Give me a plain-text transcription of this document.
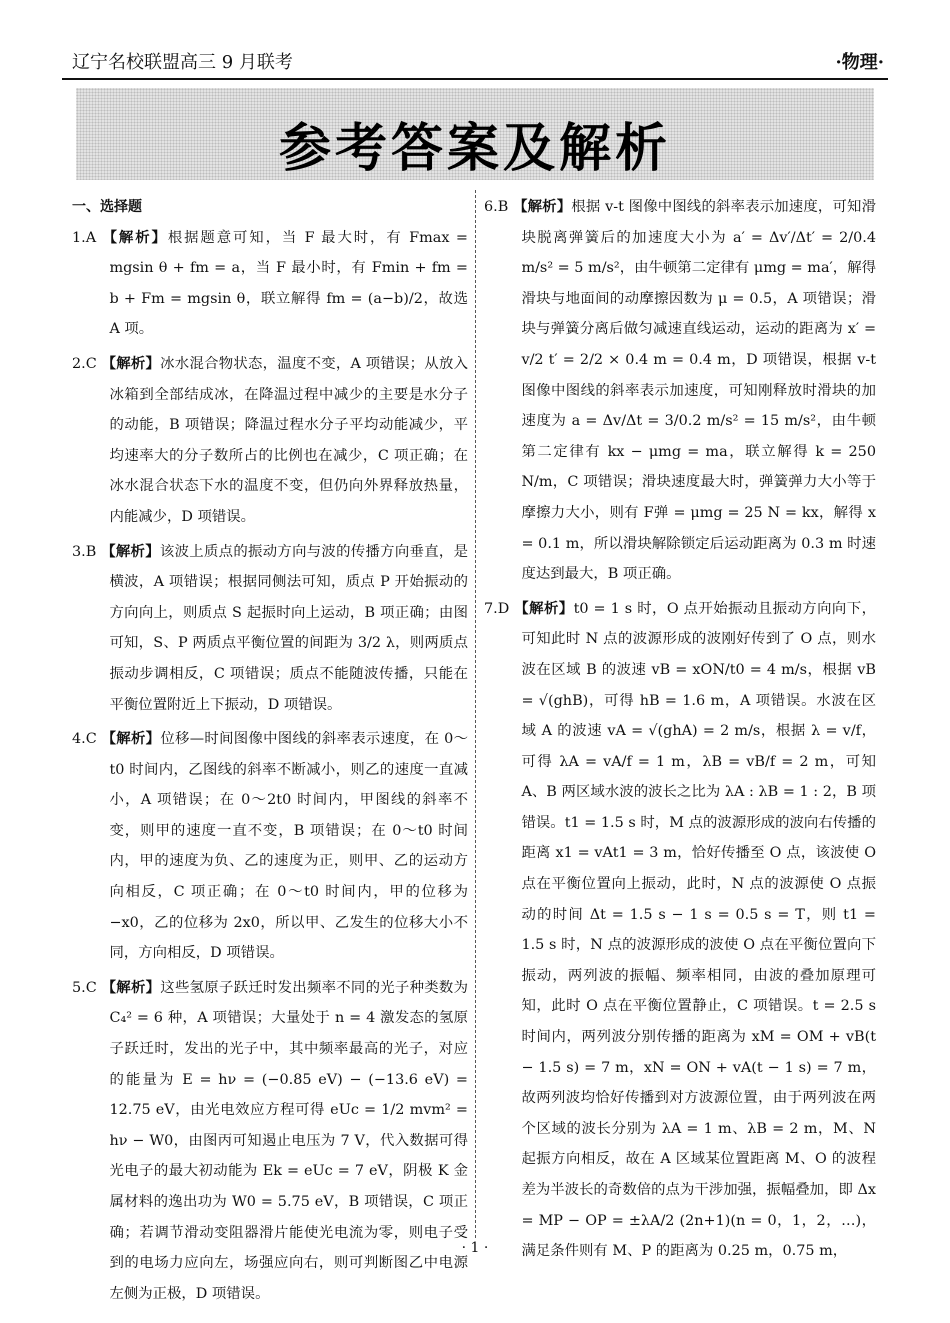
辽宁名校联盟高三 9 月联考	·物理·
参考答案及解析
一、选择题

1.A 【解析】根据题意可知，当 F 最大时，有 Fmax = mgsin θ + fm = a，当 F 最小时，有 Fmin + fm = b + Fm = mgsin θ，联立解得 fm = (a−b)/2，故选 A 项。

2.C 【解析】冰水混合物状态，温度不变，A 项错误；从放入冰箱到全部结成冰，在降温过程中减少的主要是水分子的动能，B 项错误；降温过程水分子平均动能减少，平均速率大的分子数所占的比例也在减少，C 项正确；在冰水混合状态下水的温度不变，但仍向外界释放热量，内能减少，D 项错误。

3.B 【解析】该波上质点的振动方向与波的传播方向垂直，是横波，A 项错误；根据同侧法可知，质点 P 开始振动的方向向上，则质点 S 起振时向上运动，B 项正确；由图可知，S、P 两质点平衡位置的间距为 3/2 λ，则两质点振动步调相反，C 项错误；质点不能随波传播，只能在平衡位置附近上下振动，D 项错误。

4.C 【解析】位移—时间图像中图线的斜率表示速度，在 0～t0 时间内，乙图线的斜率不断减小，则乙的速度一直减小，A 项错误；在 0～2t0 时间内，甲图线的斜率不变，则甲的速度一直不变，B 项错误；在 0～t0 时间内，甲的速度为负、乙的速度为正，则甲、乙的运动方向相反，C 项正确；在 0～t0 时间内，甲的位移为 −x0，乙的位移为 2x0，所以甲、乙发生的位移大小不同，方向相反，D 项错误。

5.C 【解析】这些氢原子跃迁时发出频率不同的光子种类数为 C₄² = 6 种，A 项错误；大量处于 n = 4 激发态的氢原子跃迁时，发出的光子中，其中频率最高的光子，对应的能量为 E = hν = (−0.85 eV) − (−13.6 eV) = 12.75 eV，由光电效应方程可得 eUc = 1/2 mvm² = hν − W0，由图丙可知遏止电压为 7 V，代入数据可得光电子的最大初动能为 Ek = eUc = 7 eV，阴极 K 金属材料的逸出功为 W0 = 5.75 eV，B 项错误，C 项正确；若调节滑动变阻器滑片能使光电流为零，则电子受到的电场力应向左，场强应向右，则可判断图乙中电源左侧为正极，D 项错误。

6.B 【解析】根据 v-t 图像中图线的斜率表示加速度，可知滑块脱离弹簧后的加速度大小为 a′ = Δv′/Δt′ = 2/0.4 m/s² = 5 m/s²，由牛顿第二定律有 μmg = ma′，解得滑块与地面间的动摩擦因数为 μ = 0.5，A 项错误；滑块与弹簧分离后做匀减速直线运动，运动的距离为 x′ = v/2 t′ = 2/2 × 0.4 m = 0.4 m，D 项错误，根据 v-t 图像中图线的斜率表示加速度，可知刚释放时滑块的加速度为 a = Δv/Δt = 3/0.2 m/s² = 15 m/s²，由牛顿第二定律有 kx − μmg = ma，联立解得 k = 250 N/m，C 项错误；滑块速度最大时，弹簧弹力大小等于摩擦力大小，则有 F弹 = μmg = 25 N = kx，解得 x = 0.1 m，所以滑块解除锁定后运动距离为 0.3 m 时速度达到最大，B 项正确。

7.D 【解析】t0 = 1 s 时，O 点开始振动且振动方向向下，可知此时 N 点的波源形成的波刚好传到了 O 点，则水波在区域 B 的波速 vB = xON/t0 = 4 m/s，根据 vB = √(ghB)，可得 hB = 1.6 m，A 项错误。水波在区域 A 的波速 vA = √(ghA) = 2 m/s，根据 λ = v/f，可得 λA = vA/f = 1 m，λB = vB/f = 2 m，可知 A、B 两区域水波的波长之比为 λA : λB = 1 : 2，B 项错误。t1 = 1.5 s 时，M 点的波源形成的波向右传播的距离 x1 = vAt1 = 3 m，恰好传播至 O 点，该波使 O 点在平衡位置向上振动，此时，N 点的波源使 O 点振动的时间 Δt = 1.5 s − 1 s = 0.5 s = T，则 t1 = 1.5 s 时，N 点的波源形成的波使 O 点在平衡位置向下振动，两列波的振幅、频率相同，由波的叠加原理可知，此时 O 点在平衡位置静止，C 项错误。t = 2.5 s 时间内，两列波分别传播的距离为 xM = OM + vB(t − 1.5 s) = 7 m，xN = ON + vA(t − 1 s) = 7 m，故两列波均恰好传播到对方波源位置，由于两列波在两个区域的波长分别为 λA = 1 m、λB = 2 m，M、N 起振方向相反，故在 A 区域某位置距离 M、O 的波程差为半波长的奇数倍的点为干涉加强，振幅叠加，即 Δx = MP − OP = ±λA/2 (2n+1)(n = 0，1，2，…)，满足条件则有 M、P 的距离为 0.25 m，0.75 m，

· 1 ·
